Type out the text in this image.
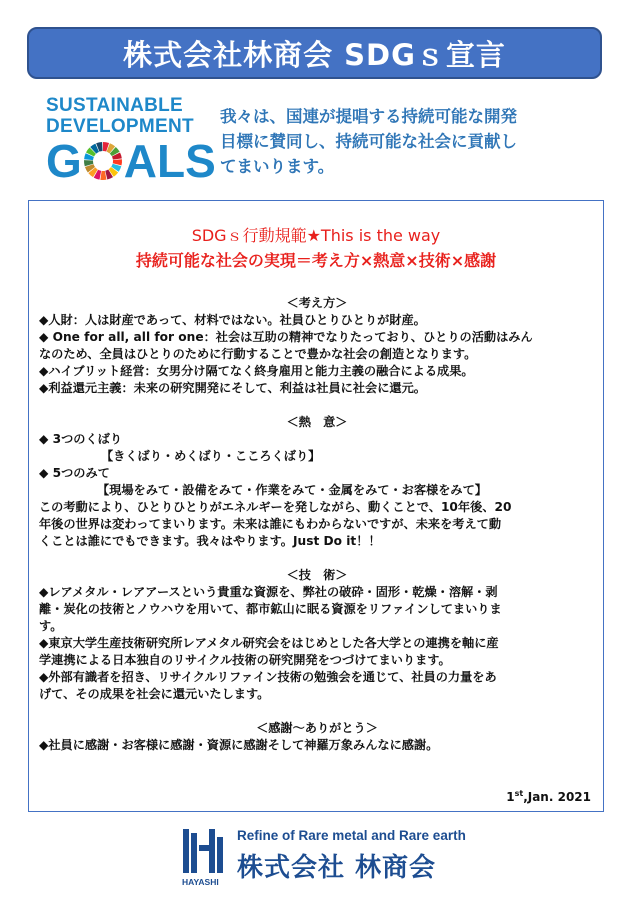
株式会社林商会 SDGｓ宣言
SUSTAINABLE
DEVELOPMENT
G ALS
我々は、国連が提唱する持続可能な開発
目標に賛同し、持続可能な社会に貢献し
てまいります。
SDGｓ行動規範★This is the way
持続可能な社会の実現＝考え方×熱意×技術×感謝
＜考え方＞
◆人財：人は財産であって、材料ではない。社員ひとりひとりが財産。
◆ One for all, all for one：社会は互助の精神でなりたっており、ひとりの活動はみん
なのため、全員はひとりのために行動することで豊かな社会の創造となります。
◆ハイブリット経営：女男分け隔てなく終身雇用と能力主義の融合による成果。
◆利益還元主義：未来の研究開発にそして、利益は社員に社会に還元。
＜熱　意＞
◆ 3つのくばり
【きくばり・めくばり・こころくばり】
◆ 5つのみて
【現場をみて・設備をみて・作業をみて・金属をみて・お客様をみて】
この考動により、ひとりひとりがエネルギーを発しながら、動くことで、10年後、20
年後の世界は変わってまいります。未来は誰にもわからないですが、未来を考えて動
くことは誰にでもできます。我々はやります。Just Do it！！
＜技　術＞
◆レアメタル・レアアースという貴重な資源を、弊社の破砕・固形・乾燥・溶解・剥
離・炭化の技術とノウハウを用いて、都市鉱山に眠る資源をリファインしてまいりま
す。
◆東京大学生産技術研究所レアメタル研究会をはじめとした各大学との連携を軸に産
学連携による日本独自のリサイクル技術の研究開発をつづけてまいります。
◆外部有識者を招き、リサイクルリファイン技術の勉強会を通じて、社員の力量をあ
げて、その成果を社会に還元いたします。
＜感謝～ありがとう＞
◆社員に感謝・お客様に感謝・資源に感謝そして神羅万象みんなに感謝。
1st,Jan. 2021
HAYASHI
Refine of Rare metal and Rare earth
株式会社 林商会
